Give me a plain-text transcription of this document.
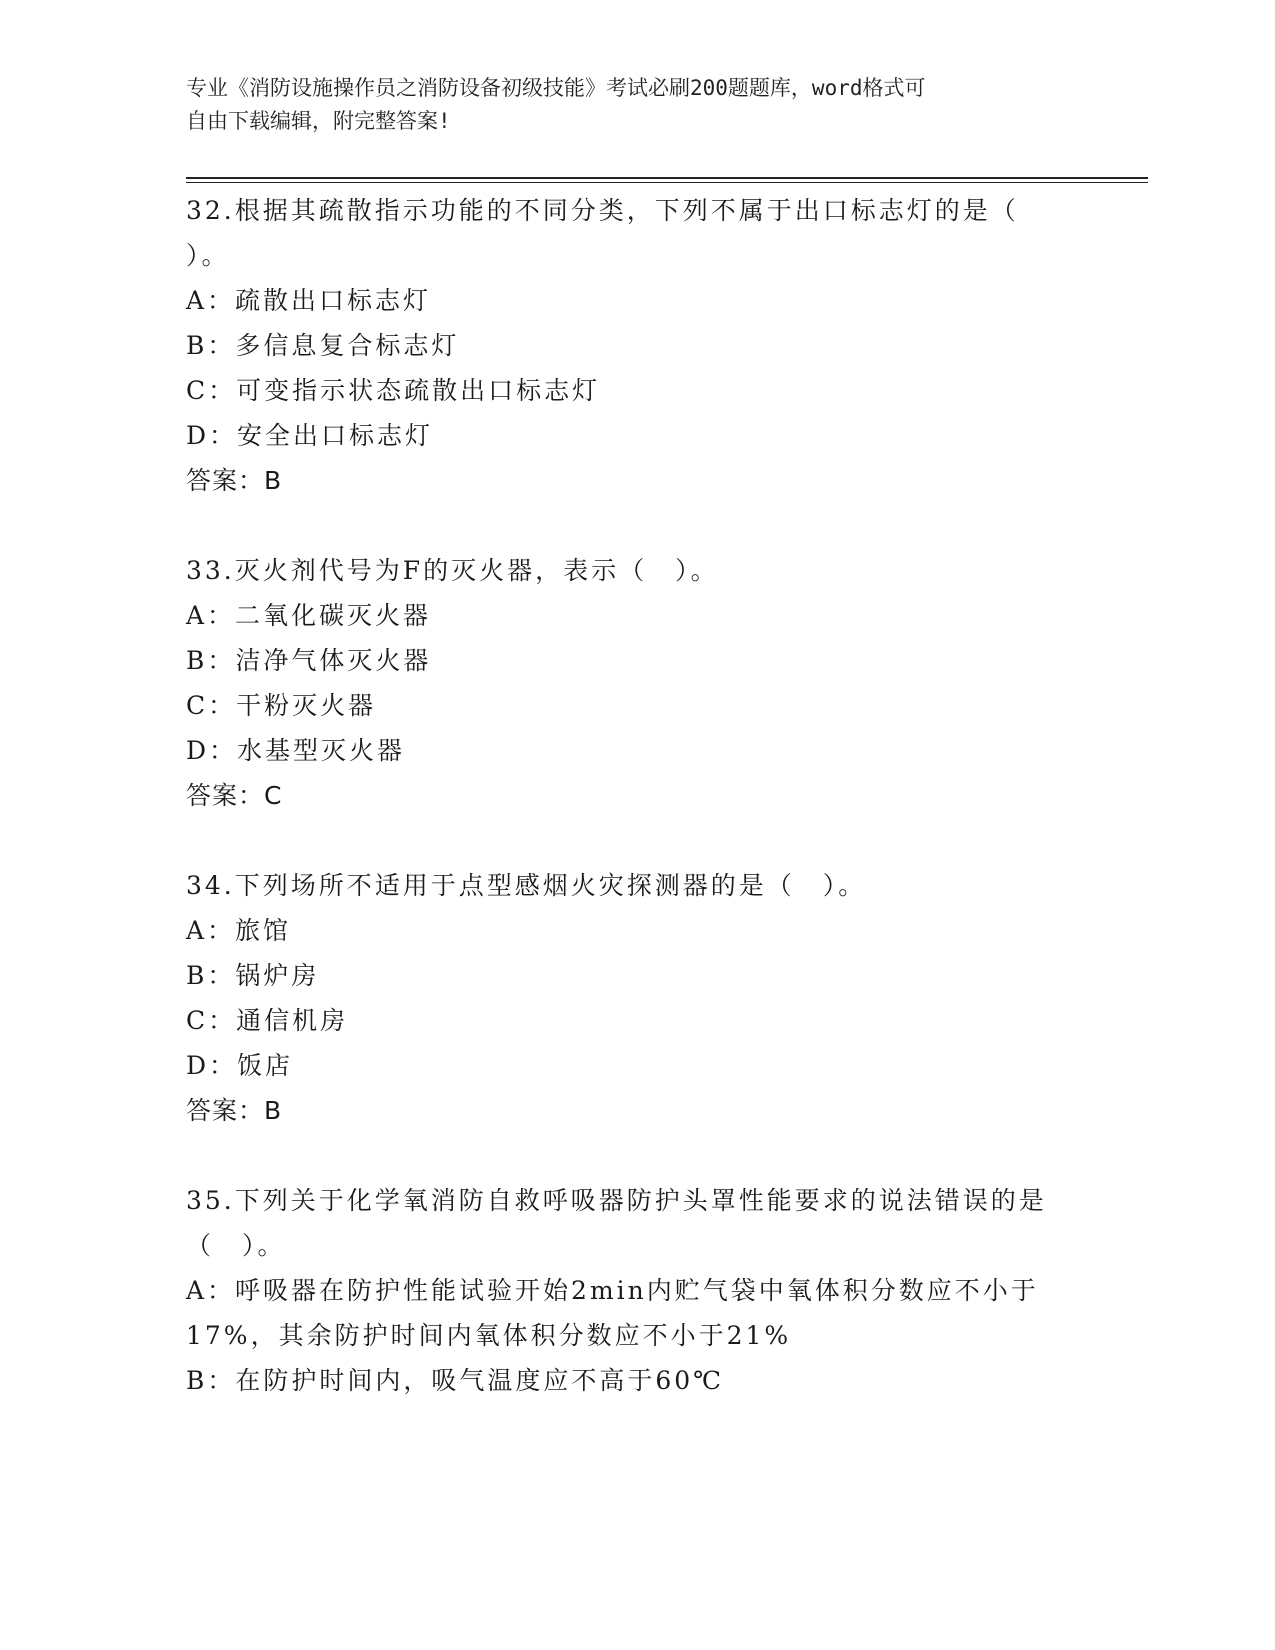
专业《消防设施操作员之消防设备初级技能》考试必刷200题题库，word格式可
自由下载编辑，附完整答案!
32.根据其疏散指示功能的不同分类，下列不属于出口标志灯的是（
）。
A：疏散出口标志灯
B：多信息复合标志灯
C：可变指示状态疏散出口标志灯
D：安全出口标志灯
答案：B
33.灭火剂代号为F的灭火器，表示（　）。
A：二氧化碳灭火器
B：洁净气体灭火器
C：干粉灭火器
D：水基型灭火器
答案：C
34.下列场所不适用于点型感烟火灾探测器的是（　）。
A：旅馆
B：锅炉房
C：通信机房
D：饭店
答案：B
35.下列关于化学氧消防自救呼吸器防护头罩性能要求的说法错误的是
（　）。
A：呼吸器在防护性能试验开始2min内贮气袋中氧体积分数应不小于
17%，其余防护时间内氧体积分数应不小于21%
B：在防护时间内，吸气温度应不高于60℃
